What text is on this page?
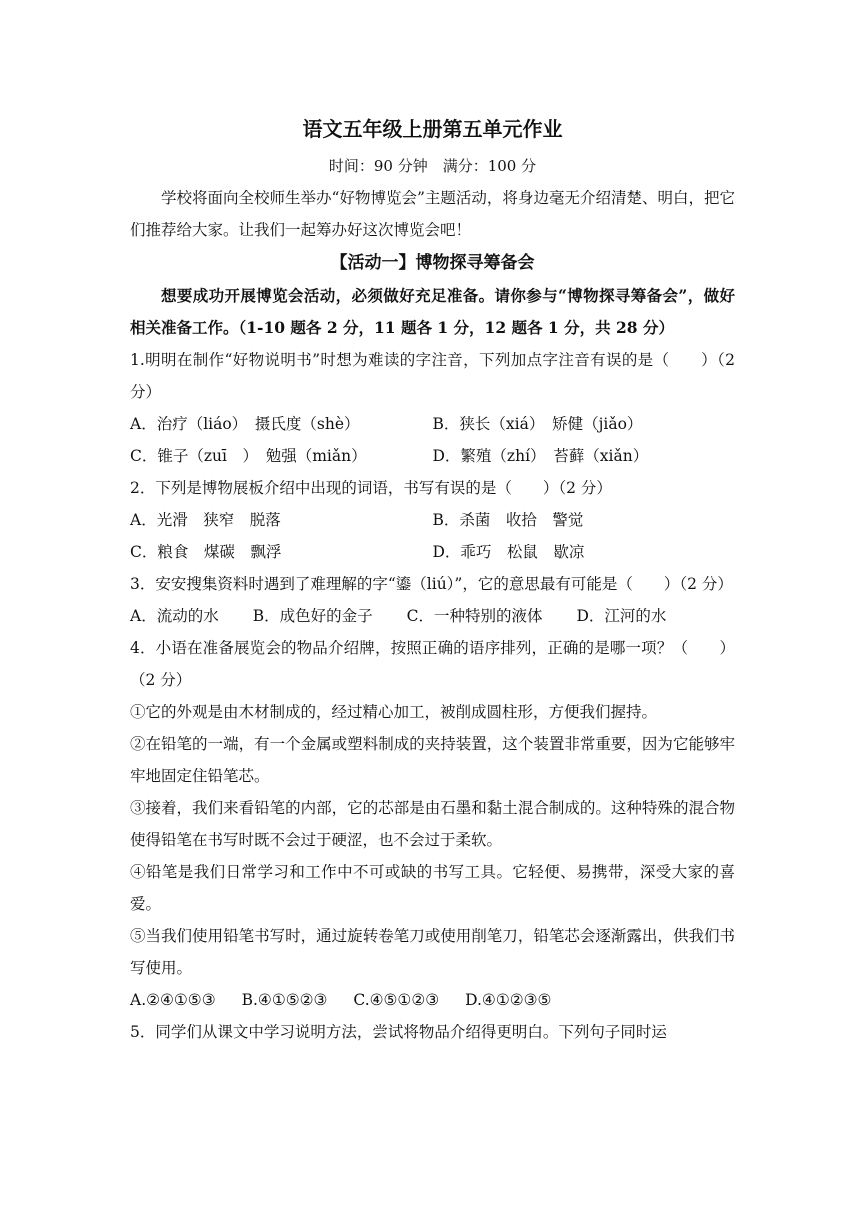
语文五年级上册第五单元作业
时间：90 分钟　满分：100 分
学校将面向全校师生举办“好物博览会”主题活动，将身边毫无介绍清楚、明白，把它们推荐给大家。让我们一起筹办好这次博览会吧！
【活动一】博物探寻筹备会
想要成功开展博览会活动，必须做好充足准备。请你参与“博物探寻筹备会”，做好相关准备工作。（1-10 题各 2 分，11 题各 1 分，12 题各 1 分，共 28 分）
1.明明在制作“好物说明书”时想为难读的字注音，下列加点字注音有误的是（　　）（2 分）
A．治疗（liáo）　摄氏度（shè）	B．狭长（xiá）　矫健（jiǎo）
C．锥子（zuī　）　勉强（miǎn）	D．繁殖（zhí）　苔藓（xiǎn）
2．下列是博物展板介绍中出现的词语，书写有误的是（　　）（2 分）
A．光滑　狭窄　脱落	B．杀菌　收拾　警觉
C．粮食　煤碳　飘浮	D．乖巧　松鼠　歇凉
3．安安搜集资料时遇到了难理解的字“鎏（liú）”，它的意思最有可能是（　　）（2 分）
A．流动的水 B．成色好的金子 C．一种特别的液体 D．江河的水
4．小语在准备展览会的物品介绍牌，按照正确的语序排列，正确的是哪一项？（　　）（2 分）
①它的外观是由木材制成的，经过精心加工，被削成圆柱形，方便我们握持。
②在铅笔的一端，有一个金属或塑料制成的夹持装置，这个装置非常重要，因为它能够牢牢地固定住铅笔芯。
③接着，我们来看铅笔的内部，它的芯部是由石墨和黏土混合制成的。这种特殊的混合物使得铅笔在书写时既不会过于硬涩，也不会过于柔软。
④铅笔是我们日常学习和工作中不可或缺的书写工具。它轻便、易携带，深受大家的喜爱。
⑤当我们使用铅笔书写时，通过旋转卷笔刀或使用削笔刀，铅笔芯会逐渐露出，供我们书写使用。
A.②④①⑤③ B.④①⑤②③ C.④⑤①②③ D.④①②③⑤
5．同学们从课文中学习说明方法，尝试将物品介绍得更明白。下列句子同时运
